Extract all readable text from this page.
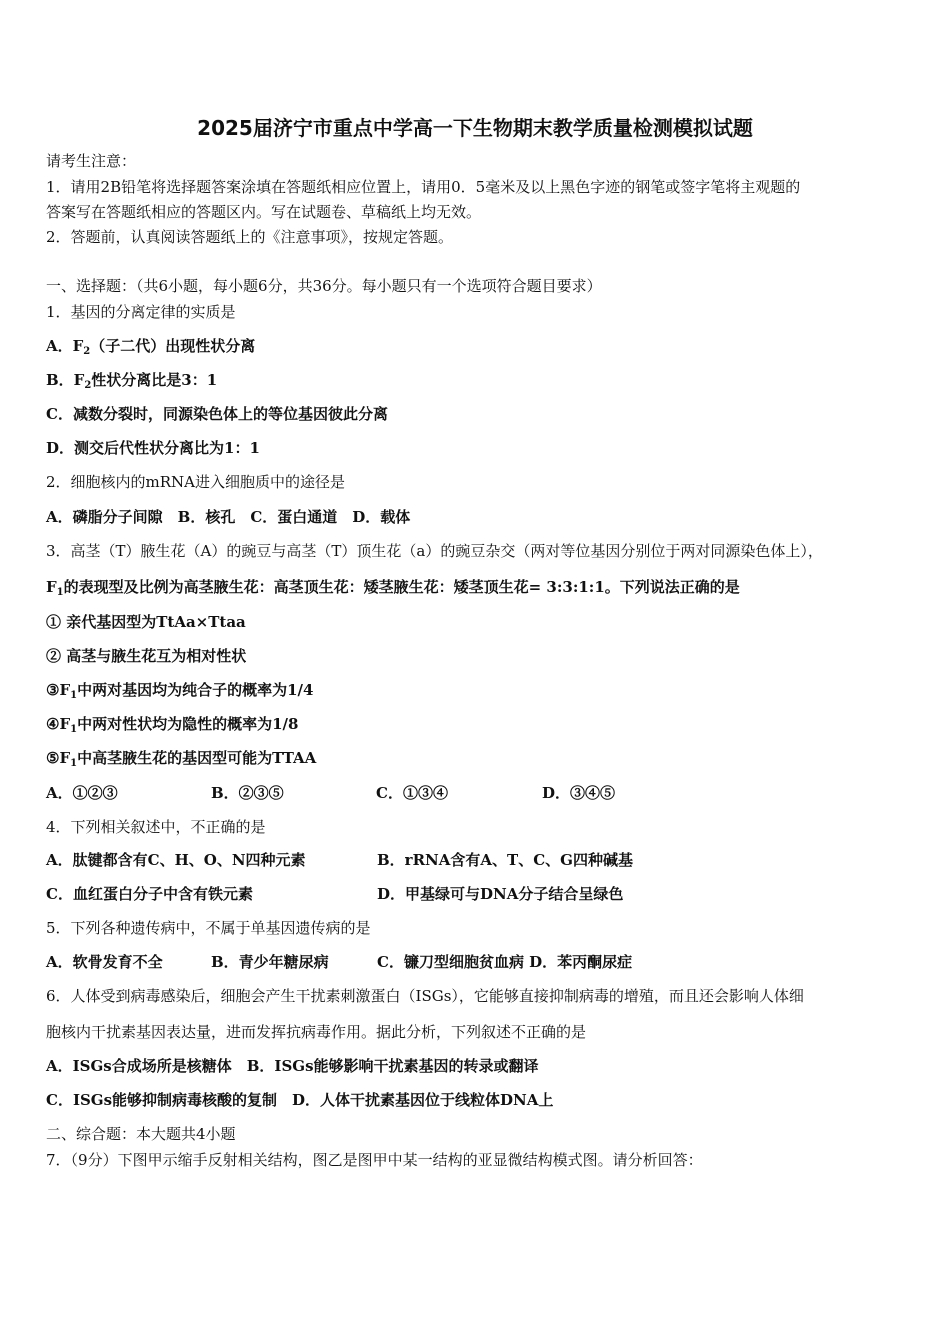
2025届济宁市重点中学高一下生物期末教学质量检测模拟试题
请考生注意：
1．请用2B铅笔将选择题答案涂填在答题纸相应位置上，请用0．5毫米及以上黑色字迹的钢笔或签字笔将主观题的
答案写在答题纸相应的答题区内。写在试题卷、草稿纸上均无效。
2．答题前，认真阅读答题纸上的《注意事项》，按规定答题。
一、选择题：（共6小题，每小题6分，共36分。每小题只有一个选项符合题目要求）
1．基因的分离定律的实质是
A．$F_2$（子二代）出现性状分离
B．$F_2$性状分离比是3：1
C．减数分裂时，同源染色体上的等位基因彼此分离
D．测交后代性状分离比为1：1
2．细胞核内的mRNA进入细胞质中的途径是
A．磷脂分子间隙　B．核孔　C．蛋白通道　D．载体
3．高茎（T）腋生花（A）的豌豆与高茎（T）顶生花（a）的豌豆杂交（两对等位基因分别位于两对同源染色体上），
$F_1$的表现型及比例为高茎腋生花：高茎顶生花：矮茎腋生花：矮茎顶生花= 3:3:1:1。下列说法正确的是
① 亲代基因型为TtAa×Ttaa
② 高茎与腋生花互为相对性状
$③F_1$中两对基因均为纯合子的概率为1/4
$④F_1$中两对性状均为隐性的概率为1/8
$⑤F_1$中高茎腋生花的基因型可能为TTAA
A．①②③	B．②③⑤	C．①③④	D．③④⑤
4．下列相关叙述中，不正确的是
A．肽键都含有C、H、O、N四种元素	B．rRNA含有A、T、C、G四种碱基
C．血红蛋白分子中含有铁元素	D．甲基绿可与DNA分子结合呈绿色
5．下列各种遗传病中，不属于单基因遗传病的是
A．软骨发育不全	B．青少年糖尿病	C．镰刀型细胞贫血病 D．苯丙酮尿症
6．人体受到病毒感染后，细胞会产生干扰素刺激蛋白（ISGs），它能够直接抑制病毒的增殖，而且还会影响人体细
胞核内干扰素基因表达量，进而发挥抗病毒作用。据此分析，下列叙述不正确的是
A．ISGs合成场所是核糖体　B．ISGs能够影响干扰素基因的转录或翻译
C．ISGs能够抑制病毒核酸的复制　D．人体干扰素基因位于线粒体DNA上
二、综合题：本大题共4小题
7．（9分）下图甲示缩手反射相关结构，图乙是图甲中某一结构的亚显微结构模式图。请分析回答：
